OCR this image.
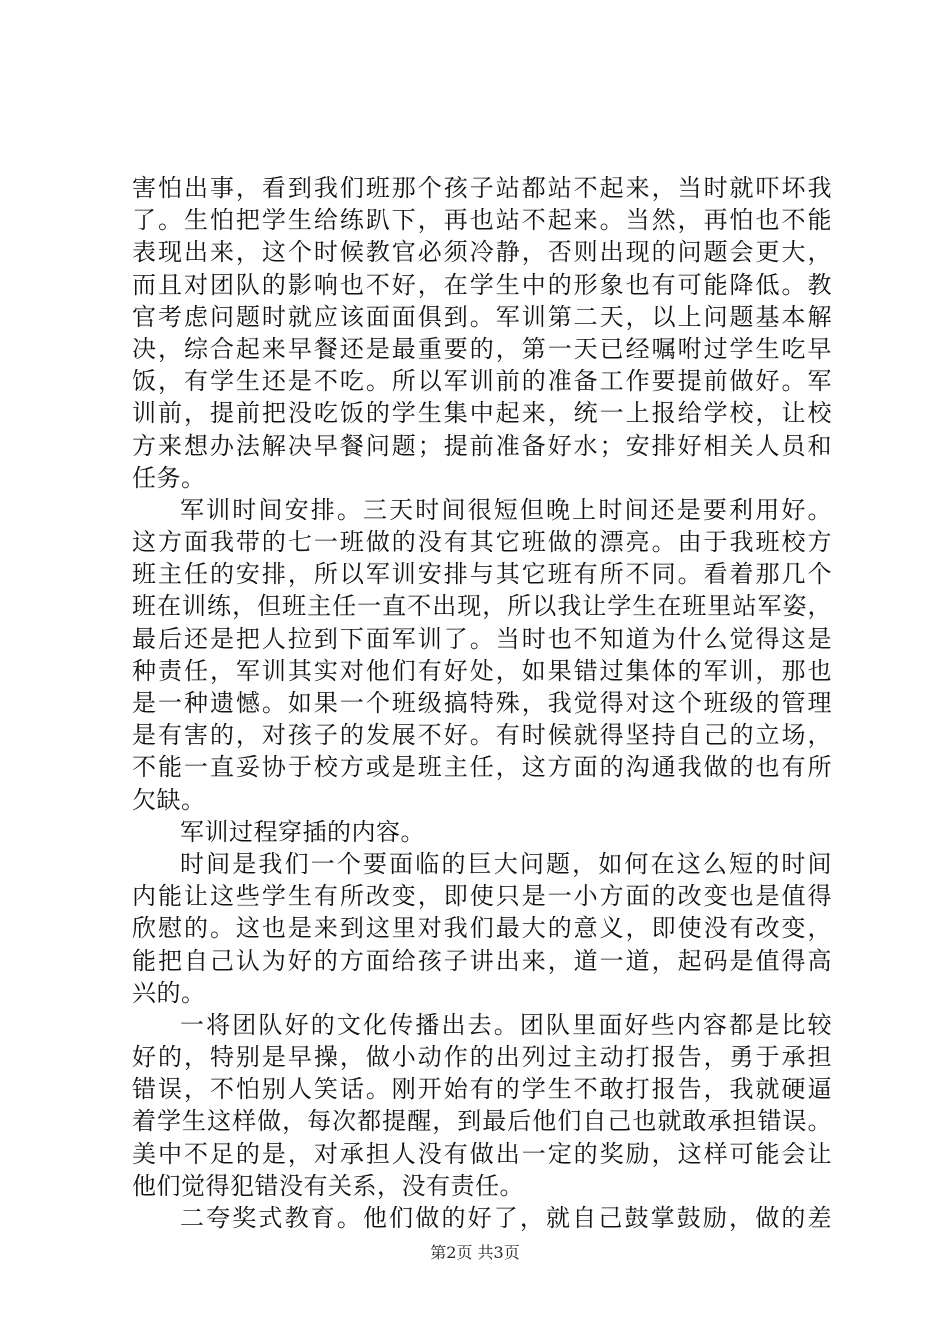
害怕出事，看到我们班那个孩子站都站不起来，当时就吓坏我
了。生怕把学生给练趴下，再也站不起来。当然，再怕也不能
表现出来，这个时候教官必须冷静，否则出现的问题会更大，
而且对团队的影响也不好，在学生中的形象也有可能降低。教
官考虑问题时就应该面面俱到。军训第二天，以上问题基本解
决，综合起来早餐还是最重要的，第一天已经嘱咐过学生吃早
饭，有学生还是不吃。所以军训前的准备工作要提前做好。军
训前，提前把没吃饭的学生集中起来，统一上报给学校，让校
方来想办法解决早餐问题；提前准备好水；安排好相关人员和
任务。
军训时间安排。三天时间很短但晚上时间还是要利用好。
这方面我带的七一班做的没有其它班做的漂亮。由于我班校方
班主任的安排，所以军训安排与其它班有所不同。看着那几个
班在训练，但班主任一直不出现，所以我让学生在班里站军姿，
最后还是把人拉到下面军训了。当时也不知道为什么觉得这是
种责任，军训其实对他们有好处，如果错过集体的军训，那也
是一种遗憾。如果一个班级搞特殊，我觉得对这个班级的管理
是有害的，对孩子的发展不好。有时候就得坚持自己的立场，
不能一直妥协于校方或是班主任，这方面的沟通我做的也有所
欠缺。
军训过程穿插的内容。
时间是我们一个要面临的巨大问题，如何在这么短的时间
内能让这些学生有所改变，即使只是一小方面的改变也是值得
欣慰的。这也是来到这里对我们最大的意义，即使没有改变，
能把自己认为好的方面给孩子讲出来，道一道，起码是值得高
兴的。
一将团队好的文化传播出去。团队里面好些内容都是比较
好的，特别是早操，做小动作的出列过主动打报告，勇于承担
错误，不怕别人笑话。刚开始有的学生不敢打报告，我就硬逼
着学生这样做，每次都提醒，到最后他们自己也就敢承担错误。
美中不足的是，对承担人没有做出一定的奖励，这样可能会让
他们觉得犯错没有关系，没有责任。
二夸奖式教育。他们做的好了，就自己鼓掌鼓励，做的差
第2页 共3页
